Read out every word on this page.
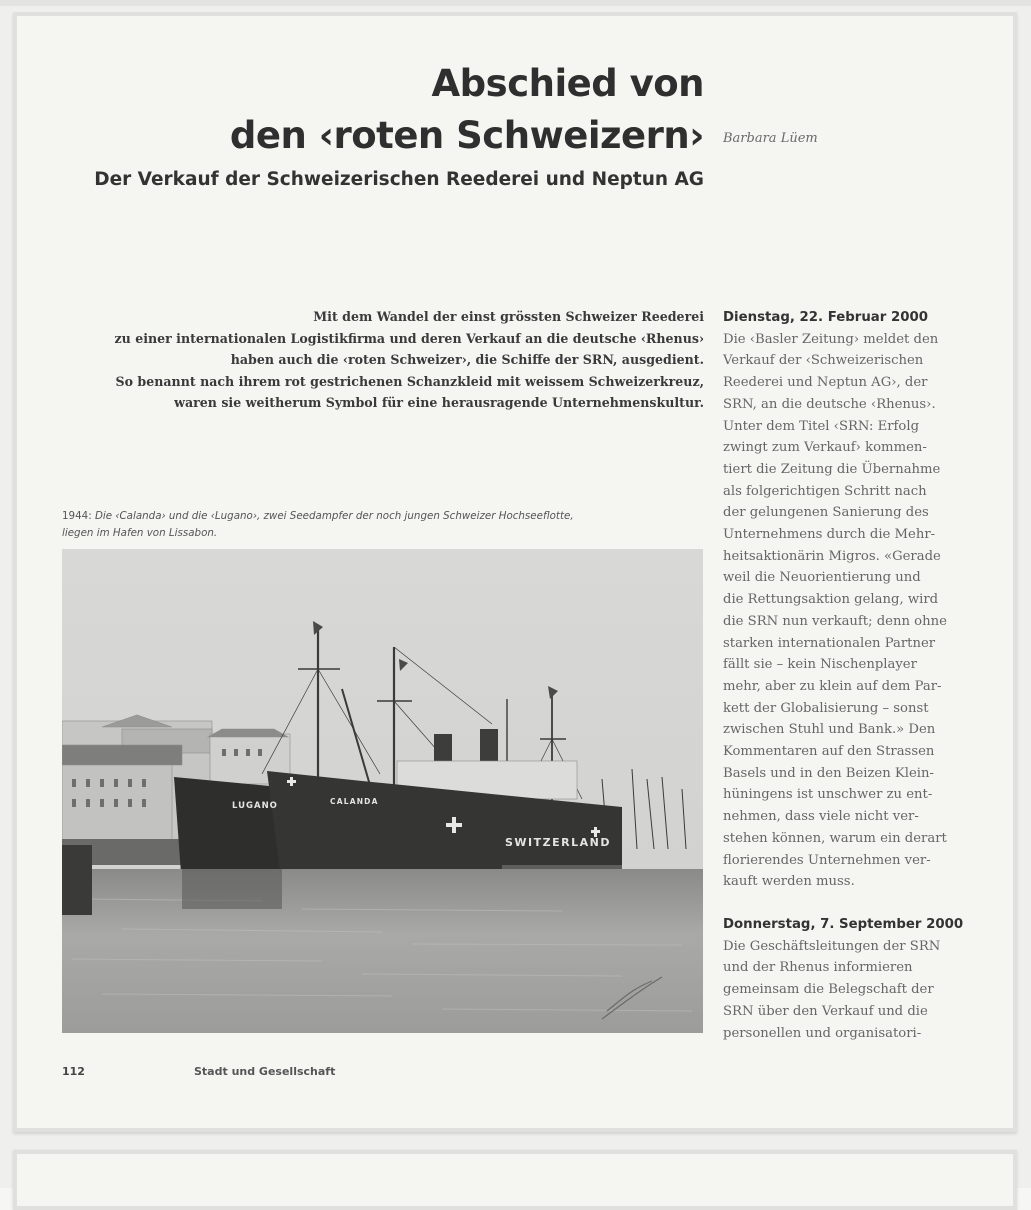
Abschied von
den ‹roten Schweizern› Barbara Lüem
Der Verkauf der Schweizerischen Reederei und Neptun AG
Mit dem Wandel der einst grössten Schweizer Reederei
zu einer internationalen Logistikfirma und deren Verkauf an die deutsche ‹Rhenus›
haben auch die ‹roten Schweizer›, die Schiffe der SRN, ausgedient.
So benannt nach ihrem rot gestrichenen Schanzkleid mit weissem Schweizerkreuz,
waren sie weitherum Symbol für eine herausragende Unternehmenskultur.
1944: Die ‹Calanda› und die ‹Lugano›, zwei Seedampfer der noch jungen Schweizer Hochseeflotte,
liegen im Hafen von Lissabon.
LUGANO	CALANDA
SWITZERLAND
Dienstag, 22. Februar 2000
Die ‹Basler Zeitung› meldet den
Verkauf der ‹Schweizerischen
Reederei und Neptun AG›, der
SRN, an die deutsche ‹Rhenus›.
Unter dem Titel ‹SRN: Erfolg
zwingt zum Verkauf› kommen-
tiert die Zeitung die Übernahme
als folgerichtigen Schritt nach
der gelungenen Sanierung des
Unternehmens durch die Mehr-
heitsaktionärin Migros. «Gerade
weil die Neuorientierung und
die Rettungsaktion gelang, wird
die SRN nun verkauft; denn ohne
starken internationalen Partner
fällt sie – kein Nischenplayer
mehr, aber zu klein auf dem Par-
kett der Globalisierung – sonst
zwischen Stuhl und Bank.» Den
Kommentaren auf den Strassen
Basels und in den Beizen Klein-
hüningens ist unschwer zu ent-
nehmen, dass viele nicht ver-
stehen können, warum ein derart
florierendes Unternehmen ver-
kauft werden muss.
Donnerstag, 7. September 2000
Die Geschäftsleitungen der SRN
und der Rhenus informieren
gemeinsam die Belegschaft der
SRN über den Verkauf und die
personellen und organisatori-
112	Stadt und Gesellschaft
